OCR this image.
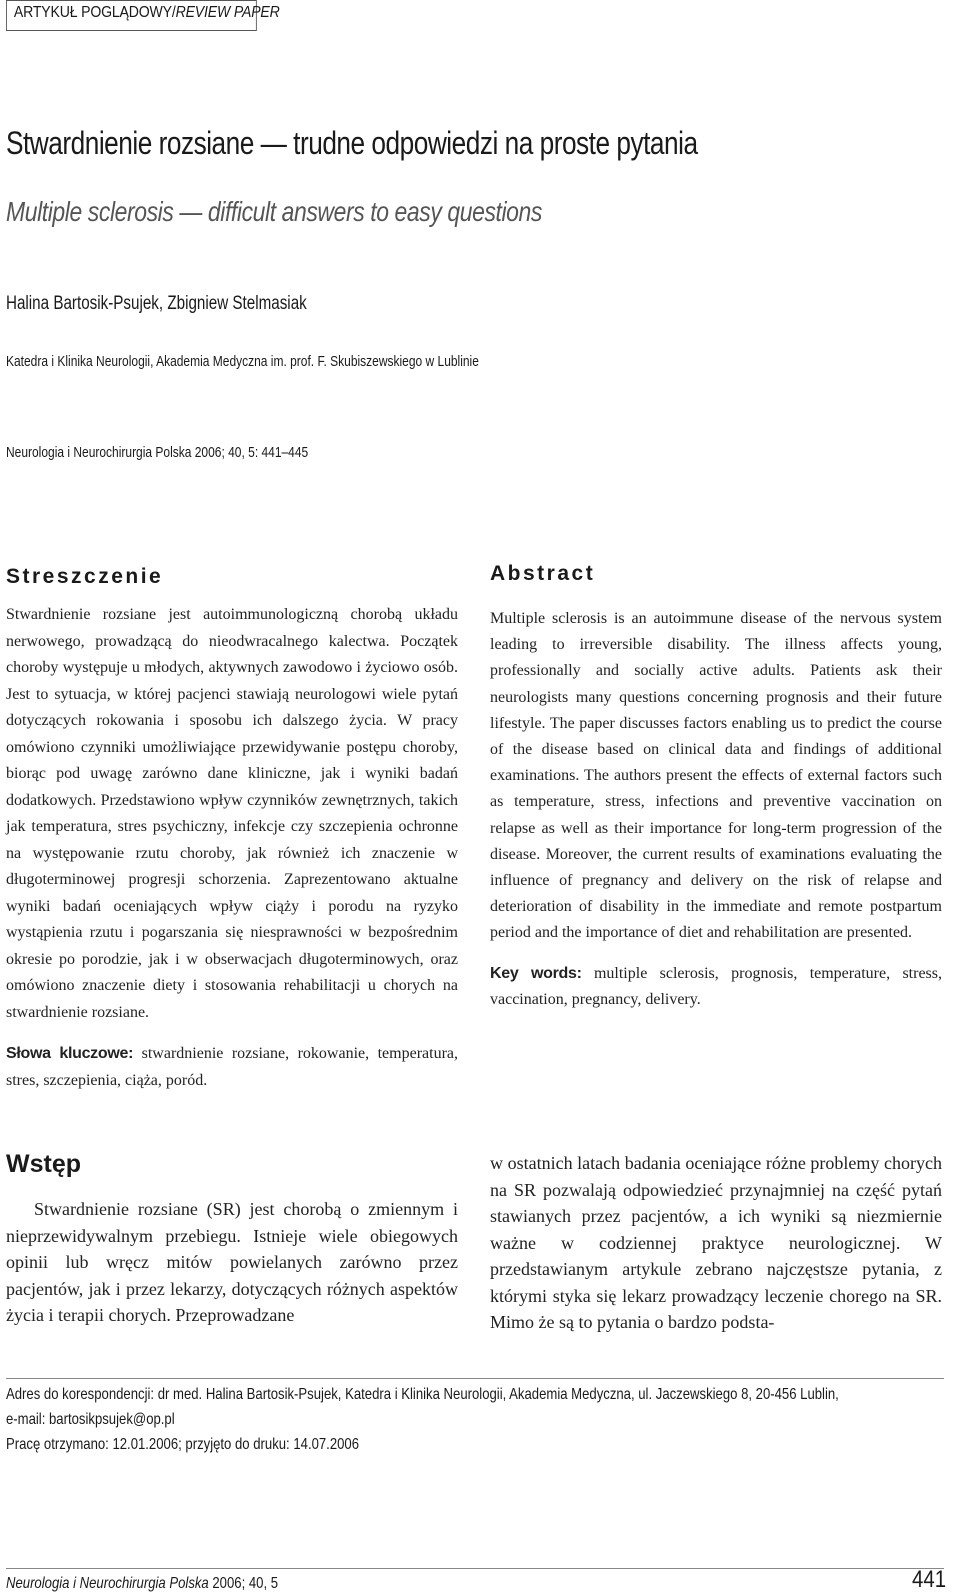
ARTYKUŁ POGLĄDOWY/REVIEW PAPER
Stwardnienie rozsiane — trudne odpowiedzi na proste pytania
Multiple sclerosis — difficult answers to easy questions
Halina Bartosik-Psujek, Zbigniew Stelmasiak
Katedra i Klinika Neurologii, Akademia Medyczna im. prof. F. Skubiszewskiego w Lublinie
Neurologia i Neurochirurgia Polska 2006; 40, 5: 441–445
Streszczenie
Stwardnienie rozsiane jest autoimmunologiczną chorobą układu nerwowego, prowadzącą do nieodwracalnego kalectwa. Początek choroby występuje u młodych, aktywnych zawodowo i życiowo osób. Jest to sytuacja, w której pacjenci stawiają neurologowi wiele pytań dotyczących rokowania i sposobu ich dalszego życia. W pracy omówiono czynniki umożliwiające przewidywanie postępu choroby, biorąc pod uwagę zarówno dane kliniczne, jak i wyniki badań dodatkowych. Przedstawiono wpływ czynników zewnętrznych, takich jak temperatura, stres psychiczny, infekcje czy szczepienia ochronne na występowanie rzutu choroby, jak również ich znaczenie w długoterminowej progresji schorzenia. Zaprezentowano aktualne wyniki badań oceniających wpływ ciąży i porodu na ryzyko wystąpienia rzutu i pogarszania się niesprawności w bezpośrednim okresie po porodzie, jak i w obserwacjach długoterminowych, oraz omówiono znaczenie diety i stosowania rehabilitacji u chorych na stwardnienie rozsiane.
Słowa kluczowe: stwardnienie rozsiane, rokowanie, temperatura, stres, szczepienia, ciąża, poród.
Abstract
Multiple sclerosis is an autoimmune disease of the nervous system leading to irreversible disability. The illness affects young, professionally and socially active adults. Patients ask their neurologists many questions concerning prognosis and their future lifestyle. The paper discusses factors enabling us to predict the course of the disease based on clinical data and findings of additional examinations. The authors present the effects of external factors such as temperature, stress, infections and preventive vaccination on relapse as well as their importance for long-term progression of the disease. Moreover, the current results of examinations evaluating the influence of pregnancy and delivery on the risk of relapse and deterioration of disability in the immediate and remote postpartum period and the importance of diet and rehabilitation are presented.
Key words: multiple sclerosis, prognosis, temperature, stress, vaccination, pregnancy, delivery.
Wstęp
Stwardnienie rozsiane (SR) jest chorobą o zmiennym i nieprzewidywalnym przebiegu. Istnieje wiele obiegowych opinii lub wręcz mitów powielanych zarówno przez pacjentów, jak i przez lekarzy, dotyczących różnych aspektów życia i terapii chorych. Przeprowadzane
w ostatnich latach badania oceniające różne problemy chorych na SR pozwalają odpowiedzieć przynajmniej na część pytań stawianych przez pacjentów, a ich wyniki są niezmiernie ważne w codziennej praktyce neurologicznej. W przedstawianym artykule zebrano najczęstsze pytania, z którymi styka się lekarz prowadzący leczenie chorego na SR. Mimo że są to pytania o bardzo podsta-
Adres do korespondencji: dr med. Halina Bartosik-Psujek, Katedra i Klinika Neurologii, Akademia Medyczna, ul. Jaczewskiego 8, 20-456 Lublin,
e-mail: bartosikpsujek@op.pl
Pracę otrzymano: 12.01.2006; przyjęto do druku: 14.07.2006
Neurologia i Neurochirurgia Polska 2006; 40, 5	441
